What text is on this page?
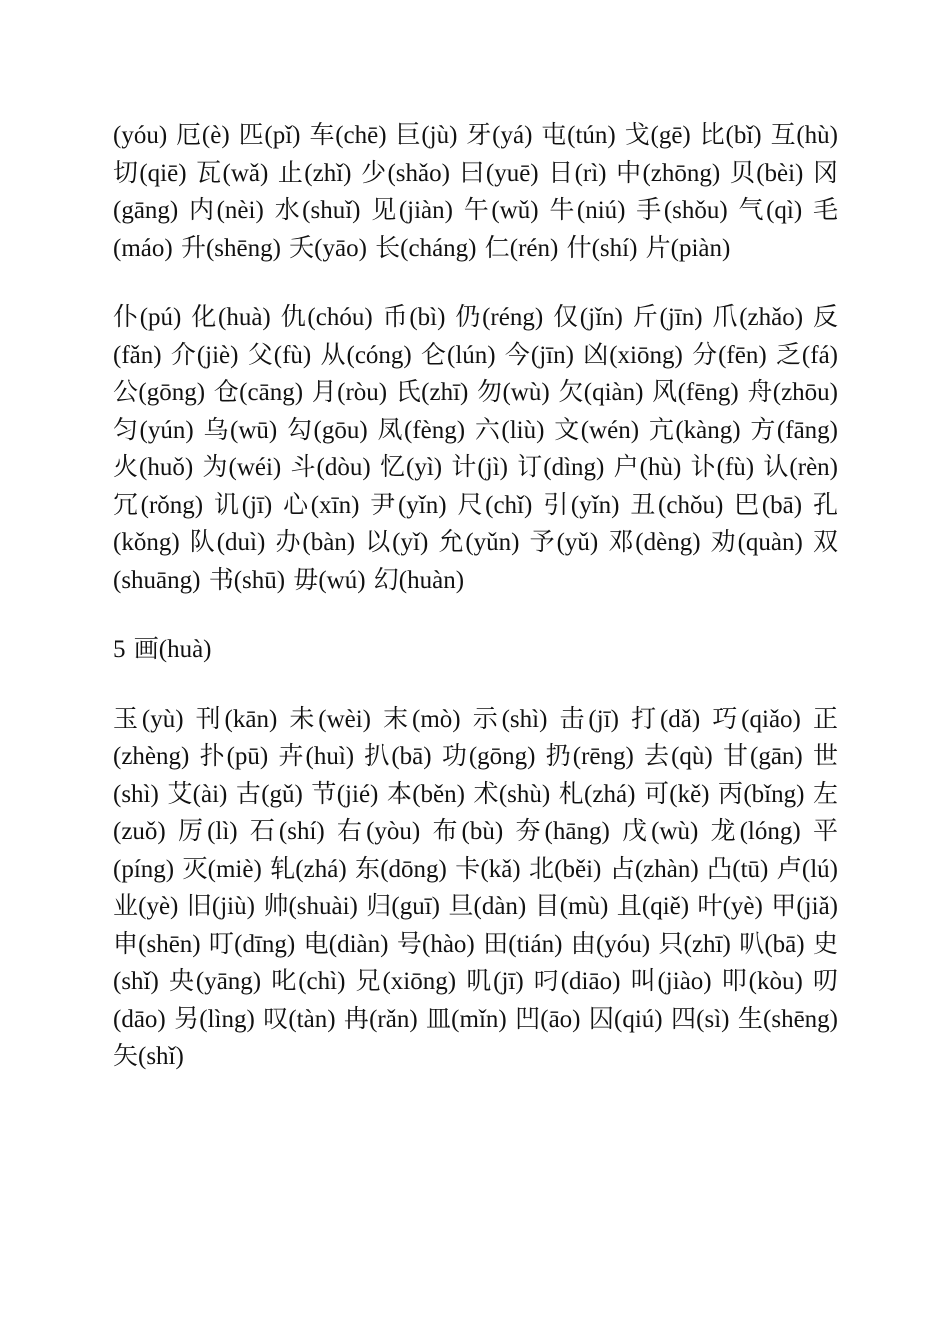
(yóu) 厄(è) 匹(pǐ) 车(chē) 巨(jù) 牙(yá) 屯(tún) 戈(gē) 比(bǐ) 互(hù) 切(qiē) 瓦(wǎ) 止(zhǐ) 少(shǎo) 曰(yuē) 日(rì) 中(zhōng) 贝(bèi) 冈(gāng) 内(nèi) 水(shuǐ) 见(jiàn) 午(wǔ) 牛(niú) 手(shǒu) 气(qì) 毛(máo) 升(shēng) 夭(yāo) 长(cháng) 仁(rén) 什(shí) 片(piàn)

仆(pú) 化(huà) 仇(chóu) 币(bì) 仍(réng) 仅(jǐn) 斤(jīn) 爪(zhǎo) 反(fǎn) 介(jiè) 父(fù) 从(cóng) 仑(lún) 今(jīn) 凶(xiōng) 分(fēn) 乏(fá) 公(gōng) 仓(cāng) 月(ròu) 氏(zhī) 勿(wù) 欠(qiàn) 风(fēng) 舟(zhōu) 匀(yún) 乌(wū) 勾(gōu) 凤(fèng) 六(liù) 文(wén) 亢(kàng) 方(fāng) 火(huǒ) 为(wéi) 斗(dòu) 忆(yì) 计(jì) 订(dìng) 户(hù) 讣(fù) 认(rèn) 冗(rǒng) 讥(jī) 心(xīn) 尹(yǐn) 尺(chǐ) 引(yǐn) 丑(chǒu) 巴(bā) 孔(kǒng) 队(duì) 办(bàn) 以(yǐ) 允(yǔn) 予(yǔ) 邓(dèng) 劝(quàn) 双(shuāng) 书(shū) 毋(wú) 幻(huàn)

5 画(huà)

玉(yù) 刊(kān) 未(wèi) 末(mò) 示(shì) 击(jī) 打(dǎ) 巧(qiǎo) 正(zhèng) 扑(pū) 卉(huì) 扒(bā) 功(gōng) 扔(rēng) 去(qù) 甘(gān) 世(shì) 艾(ài) 古(gǔ) 节(jié) 本(běn) 术(shù) 札(zhá) 可(kě) 丙(bǐng) 左(zuǒ) 厉(lì) 石(shí) 右(yòu) 布(bù) 夯(hāng) 戊(wù) 龙(lóng) 平(píng) 灭(miè) 轧(zhá) 东(dōng) 卡(kǎ) 北(běi) 占(zhàn) 凸(tū) 卢(lú) 业(yè) 旧(jiù) 帅(shuài) 归(guī) 旦(dàn) 目(mù) 且(qiě) 叶(yè) 甲(jiǎ) 申(shēn) 叮(dīng) 电(diàn) 号(hào) 田(tián) 由(yóu) 只(zhī) 叭(bā) 史(shǐ) 央(yāng) 叱(chì) 兄(xiōng) 叽(jī) 叼(diāo) 叫(jiào) 叩(kòu) 叨(dāo) 另(lìng) 叹(tàn) 冉(rǎn) 皿(mǐn) 凹(āo) 囚(qiú) 四(sì) 生(shēng) 矢(shǐ)
